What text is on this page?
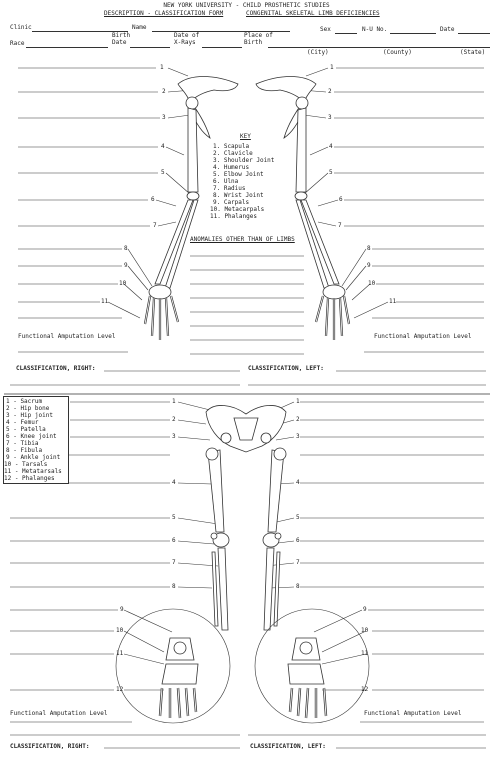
NEW YORK UNIVERSITY - CHILD PROSTHETIC STUDIES
DESCRIPTION - CLASSIFICATION FORM	CONGENITAL SKELETAL LIMB DEFICIENCIES
Clinic	Name	Sex	N-U No.	Date
Birth
Date
Date of
X-Rays
Place of
Birth
Race
(City)	(County)	(State)
1
2
3
4
5
6
7
8
9
10
11
1
2
3
4
5
6
7
8
9
10
11
KEY
1. Scapula
2. Clavicle
3. Shoulder Joint
4. Humerus
5. Elbow Joint
6. Ulna
7. Radius
8. Wrist Joint
9. Carpals
10. Metacarpals
11. Phalanges
ANOMALIES OTHER THAN OF LIMBS
Functional Amputation Level	Functional Amputation Level
CLASSIFICATION, RIGHT:	CLASSIFICATION, LEFT:
1 - Sacrum
2 - Hip bone
3 - Hip joint
4 - Femur
5 - Patella
6 - Knee joint
7 - Tibia
8 - Fibula
9 - Ankle joint
10 - Tarsals
11 - Metatarsals
12 - Phalanges
1
2
3
4
5
6
7
8
9
10
11
12
1
2
3
4
5
6
7
8
9
10
11
12
Functional Amputation Level	Functional Amputation Level
CLASSIFICATION, RIGHT:	CLASSIFICATION, LEFT:
